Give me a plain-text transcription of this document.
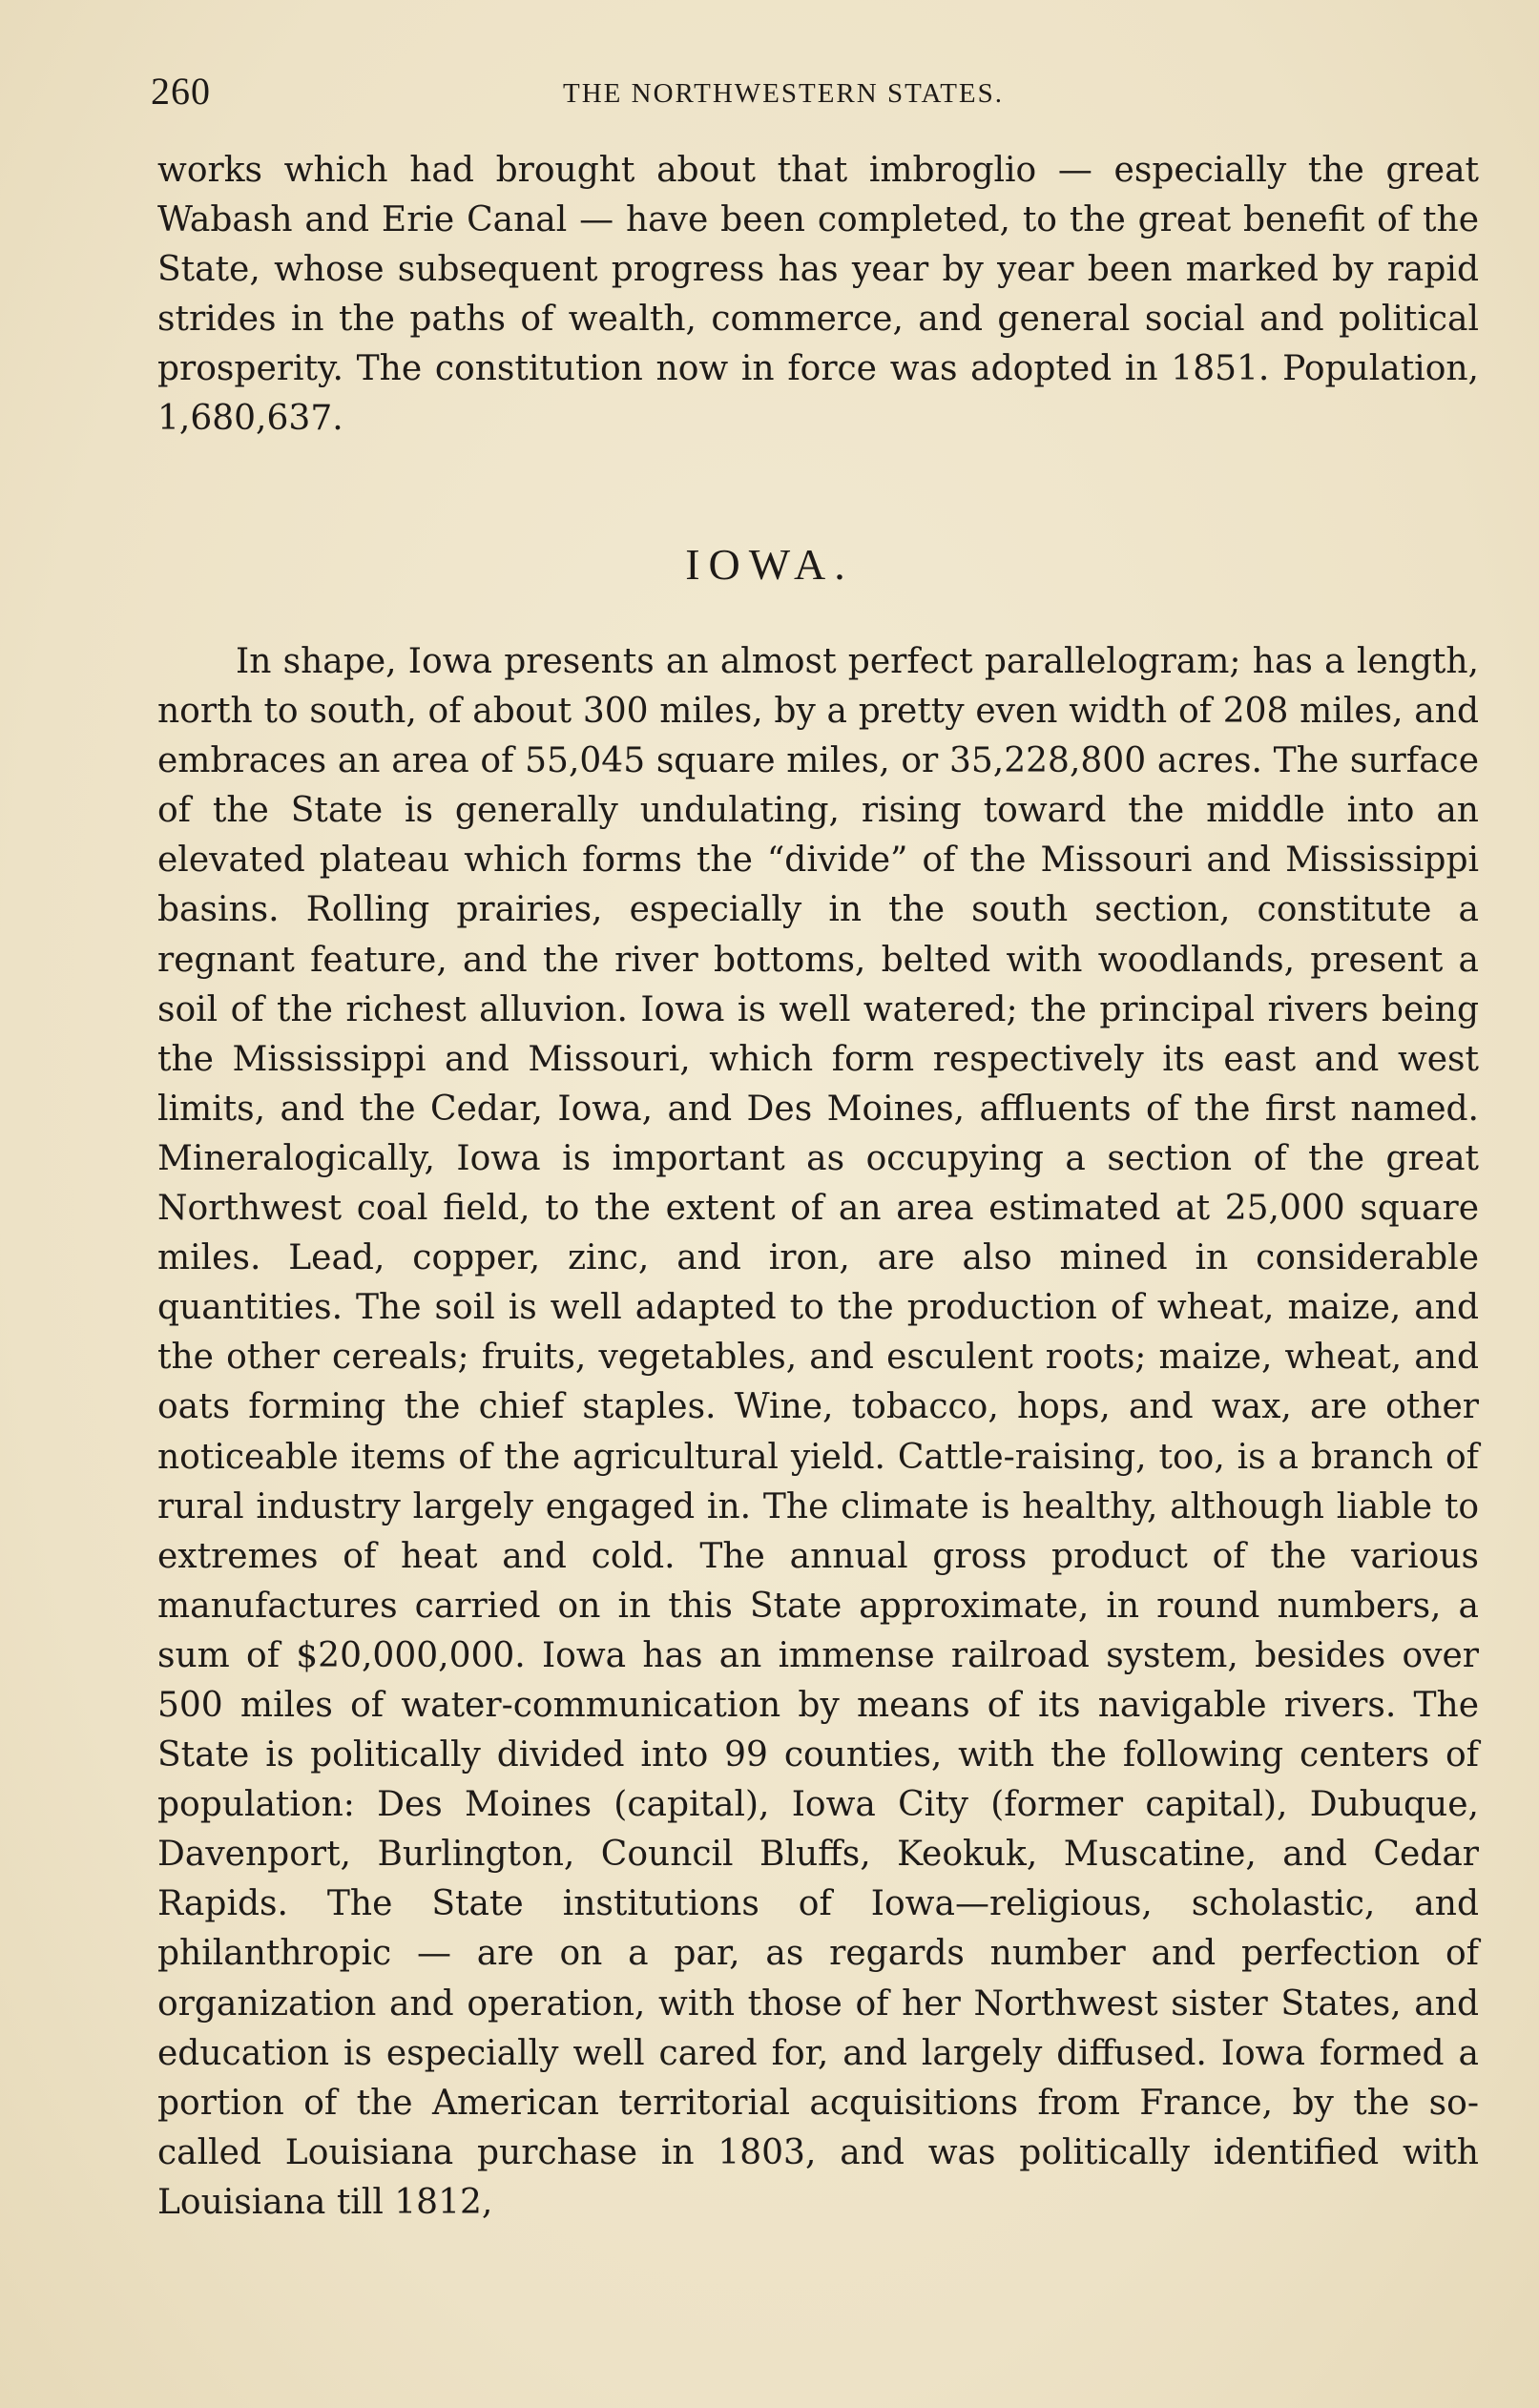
260	THE NORTHWESTERN STATES.

works which had brought about that imbroglio — especially the great Wabash and Erie Canal — have been completed, to the great benefit of the State, whose subsequent progress has year by year been marked by rapid strides in the paths of wealth, commerce, and general social and political prosperity. The constitution now in force was adopted in 1851. Population, 1,680,637.

IOWA.

In shape, Iowa presents an almost perfect parallelogram; has a length, north to south, of about 300 miles, by a pretty even width of 208 miles, and embraces an area of 55,045 square miles, or 35,228,800 acres. The surface of the State is generally undulating, rising toward the middle into an elevated plateau which forms the “divide” of the Missouri and Mississippi basins. Rolling prairies, especially in the south section, constitute a regnant feature, and the river bottoms, belted with woodlands, present a soil of the richest alluvion. Iowa is well watered; the principal rivers being the Mississippi and Missouri, which form respectively its east and west limits, and the Cedar, Iowa, and Des Moines, affluents of the first named. Mineralogically, Iowa is important as occupying a section of the great Northwest coal field, to the extent of an area estimated at 25,000 square miles. Lead, copper, zinc, and iron, are also mined in considerable quantities. The soil is well adapted to the production of wheat, maize, and the other cereals; fruits, vegetables, and esculent roots; maize, wheat, and oats forming the chief staples. Wine, tobacco, hops, and wax, are other noticeable items of the agricultural yield. Cattle-raising, too, is a branch of rural industry largely engaged in. The climate is healthy, although liable to extremes of heat and cold. The annual gross product of the various manufactures carried on in this State approximate, in round numbers, a sum of $20,000,000. Iowa has an immense railroad system, besides over 500 miles of water-communication by means of its navigable rivers. The State is politically divided into 99 counties, with the following centers of population: Des Moines (capital), Iowa City (former capital), Dubuque, Davenport, Burlington, Council Bluffs, Keokuk, Muscatine, and Cedar Rapids. The State institutions of Iowa—religious, scholastic, and philanthropic — are on a par, as regards number and perfection of organization and operation, with those of her Northwest sister States, and education is especially well cared for, and largely diffused. Iowa formed a portion of the American territorial acquisitions from France, by the so-called Louisiana purchase in 1803, and was politically identified with Louisiana till 1812,
